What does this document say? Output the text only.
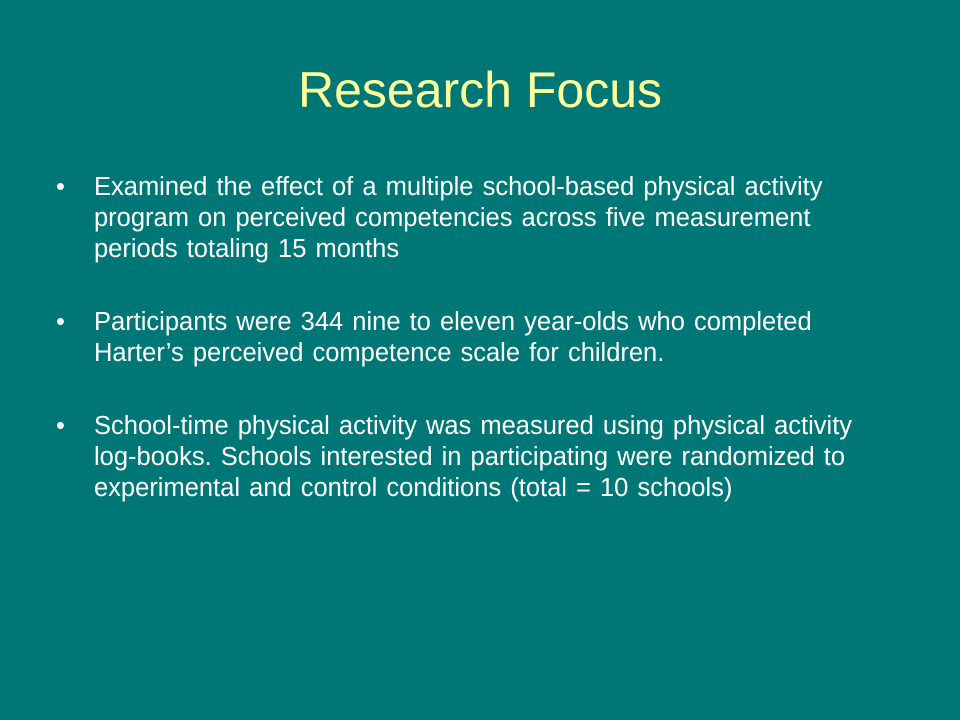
Research Focus
• Examined the effect of a multiple school-based physical activity program on perceived competencies across five measurement periods totaling 15 months
• Participants were 344 nine to eleven year-olds who completed Harter’s perceived competence scale for children.
• School-time physical activity was measured using physical activity log-books. Schools interested in participating were randomized to experimental and control conditions (total = 10 schools)
